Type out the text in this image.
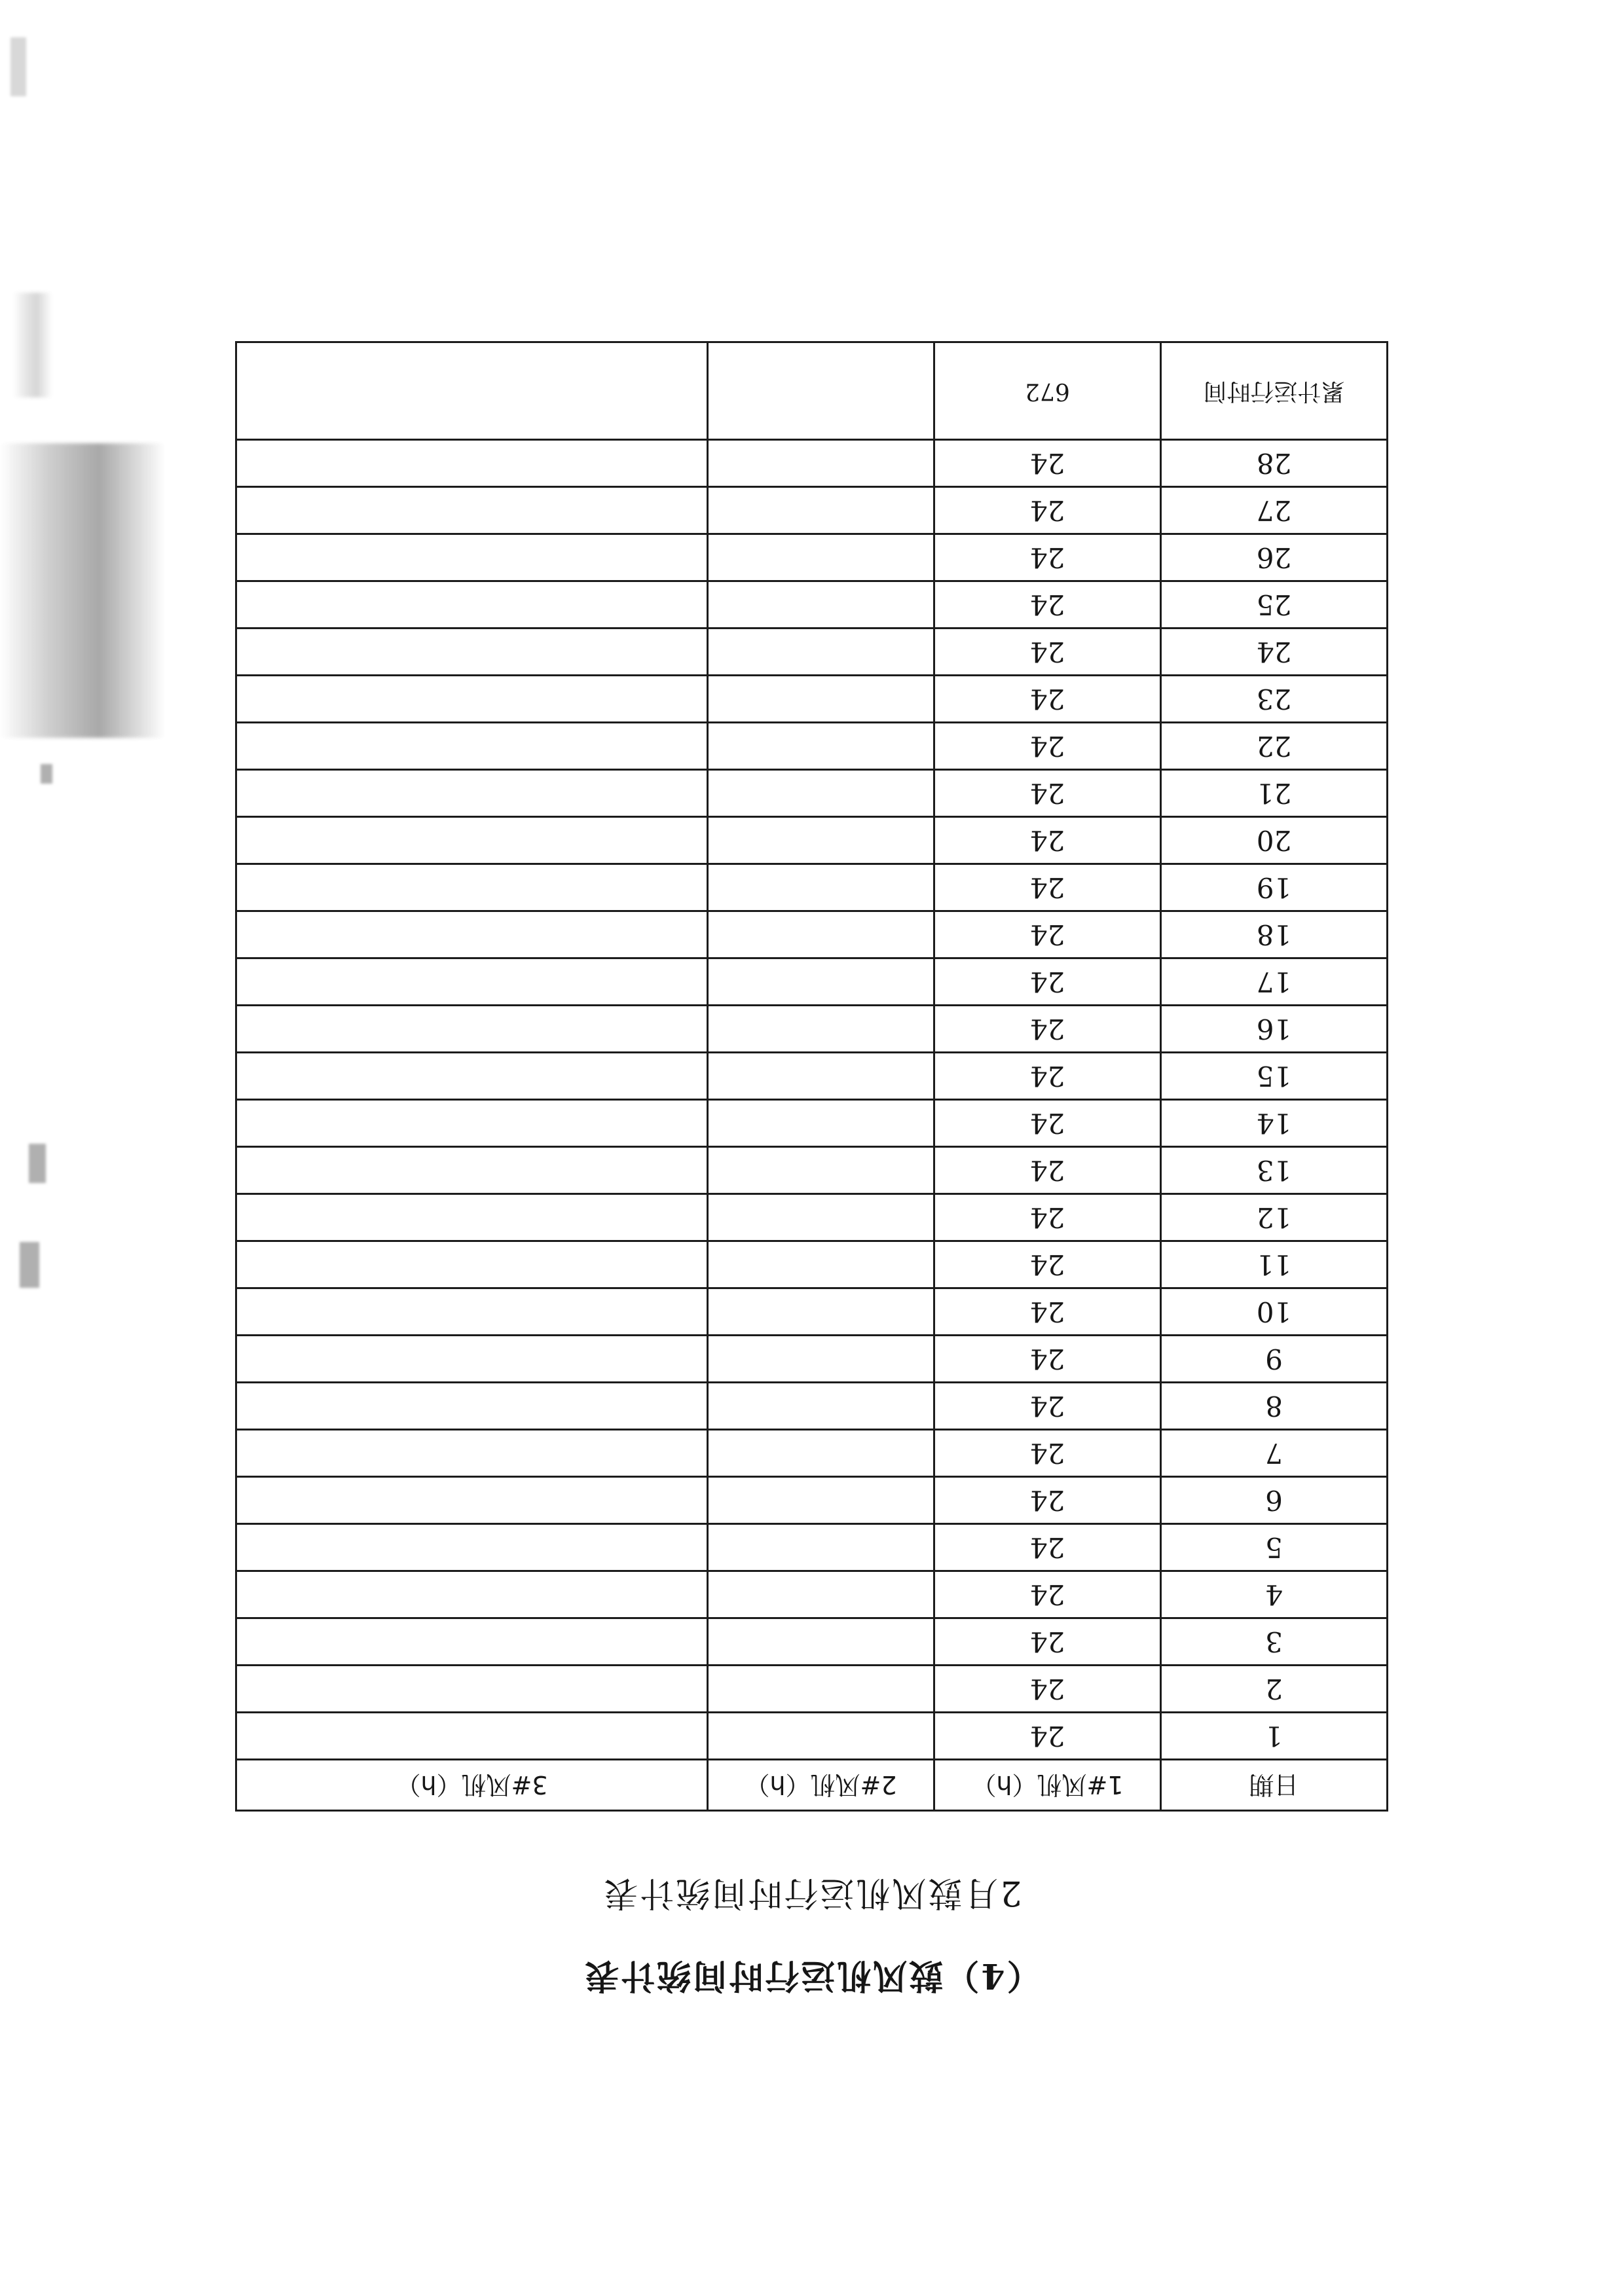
（4）鼓风机运行时间统计表
2月鼓风机运行时间统计表
日期	1#风机（h）	2#风机（h）	3#风机（h）
1	24		
2	24		
3	24		
4	24		
5	24		
6	24		
7	24		
8	24		
9	24		
10	24		
11	24		
12	24		
13	24		
14	24		
15	24		
16	24		
17	24		
18	24		
19	24		
20	24		
21	24		
22	24		
23	24		
24	24		
25	24		
26	24		
27	24		
28	24		
累计运行时间	672		
